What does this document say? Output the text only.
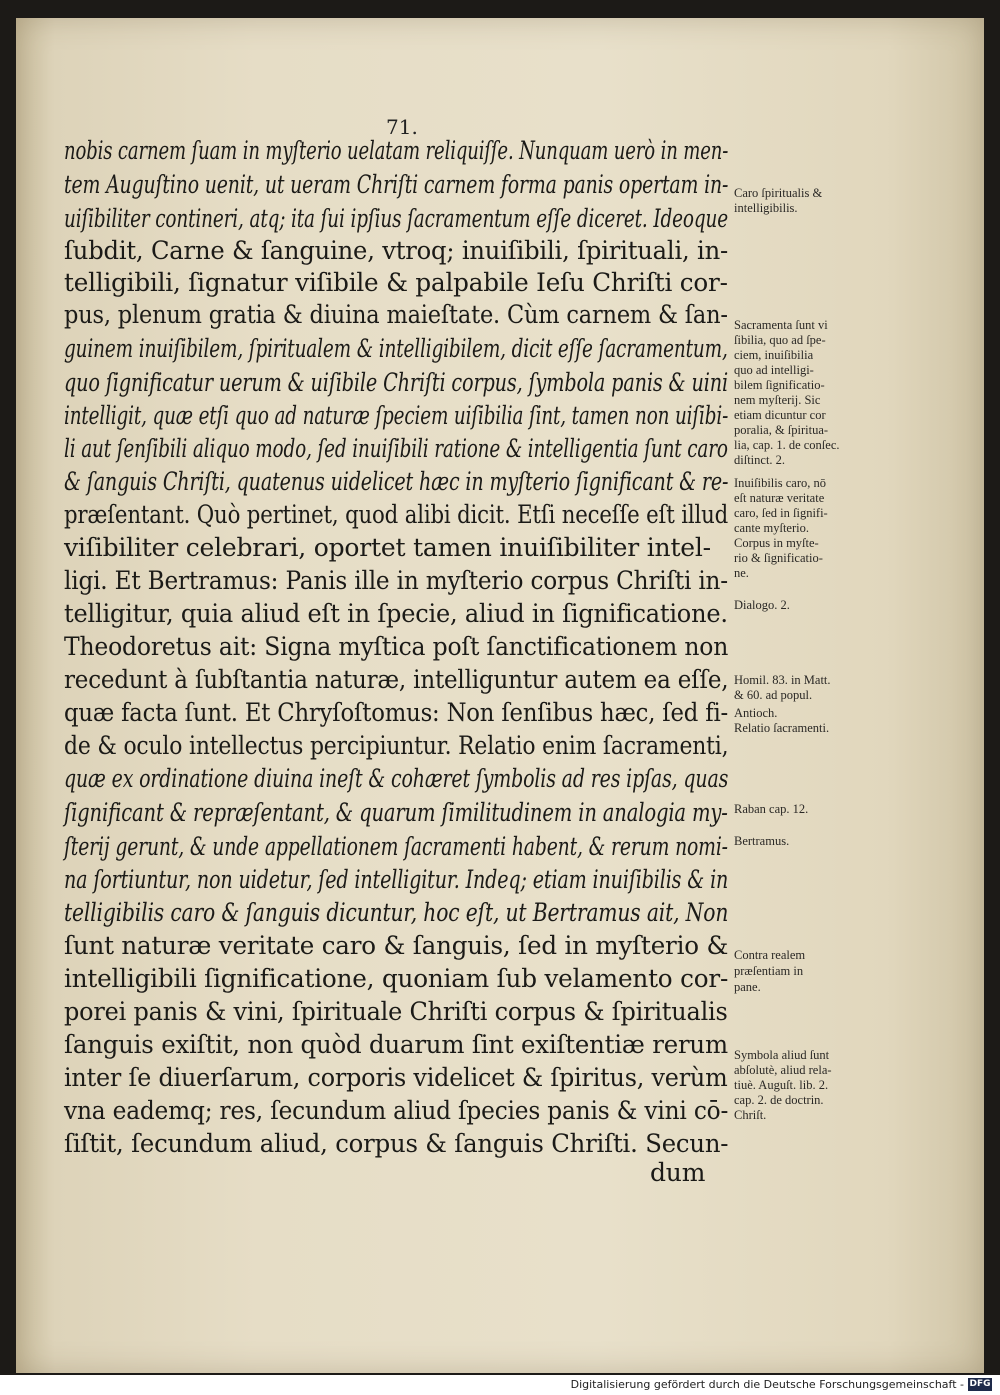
71.
nobis carnem ſuam in myſterio uelatam reliquiſſe. Nunquam uerò in men-
tem Auguſtino uenit, ut ueram Chriſti carnem forma panis opertam in-
uiſibiliter contineri, atq; ita ſui ipſius ſacramentum eſſe diceret. Ideoque
ſubdit, Carne & ſanguine, vtroq; inuiſibili, ſpirituali, in-
telligibili, ſignatur viſibile & palpabile Ieſu Chriſti cor-
pus, plenum gratia & diuina maieſtate. Cùm carnem & ſan-
guinem inuiſibilem, ſpiritualem & intelligibilem, dicit eſſe ſacramentum,
quo ſignificatur uerum & uiſibile Chriſti corpus, ſymbola panis & uini
intelligit, quæ etſi quo ad naturæ ſpeciem uiſibilia ſint, tamen non uiſibi-
li aut ſenſibili aliquo modo, ſed inuiſibili ratione & intelligentia ſunt caro
& ſanguis Chriſti, quatenus uidelicet hæc in myſterio ſignificant & re-
præſentant. Quò pertinet, quod alibi dicit. Etſi neceſſe eſt illud
viſibiliter celebrari, oportet tamen inuiſibiliter intel-
ligi. Et Bertramus: Panis ille in myſterio corpus Chriſti in-
telligitur, quia aliud eſt in ſpecie, aliud in ſignificatione.
Theodoretus ait: Signa myſtica poſt ſanctificationem non
recedunt à ſubſtantia naturæ, intelliguntur autem ea eſſe,
quæ facta ſunt. Et Chryſoſtomus: Non ſenſibus hæc, ſed fi-
de & oculo intellectus percipiuntur. Relatio enim ſacramenti,
quæ ex ordinatione diuina ineſt & cohæret ſymbolis ad res ipſas, quas
ſignificant & repræſentant, & quarum ſimilitudinem in analogia my-
ſterij gerunt, & unde appellationem ſacramenti habent, & rerum nomi-
na ſortiuntur, non uidetur, ſed intelligitur. Indeq; etiam inuiſibilis & in
telligibilis caro & ſanguis dicuntur, hoc eſt, ut Bertramus ait, Non
ſunt naturæ veritate caro & ſanguis, ſed in myſterio &
intelligibili ſignificatione, quoniam ſub velamento cor-
porei panis & vini, ſpirituale Chriſti corpus & ſpiritualis
ſanguis exiſtit, non quòd duarum ſint exiſtentiæ rerum
inter ſe diuerſarum, corporis videlicet & ſpiritus, verùm
vna eademq; res, ſecundum aliud ſpecies panis & vini cō-
ſiſtit, ſecundum aliud, corpus & ſanguis Chriſti. Secun-
dum
Caro ſpiritualis &
intelligibilis.
Sacramenta ſunt vi
ſibilia, quo ad ſpe-
ciem, inuiſibilia
quo ad intelligi-
bilem ſignificatio-
nem myſterij. Sic
etiam dicuntur cor
poralia, & ſpiritua-
lia, cap. 1. de conſec.
diſtinct. 2.
Inuiſibilis caro, nō
eſt naturæ veritate
caro, ſed in ſignifi-
cante myſterio.
Corpus in myſte-
rio & ſignificatio-
ne.
Dialogo. 2.
Homil. 83. in Matt.
& 60. ad popul.
Antioch.
Relatio ſacramenti.
Raban cap. 12.
Bertramus.
Contra realem
præſentiam in
pane.
Symbola aliud ſunt
abſolutè, aliud rela-
tiuè. Auguſt. lib. 2.
cap. 2. de doctrin.
Chriſt.
Digitalisierung gefördert durch die Deutsche Forschungsgemeinschaft - DFG
